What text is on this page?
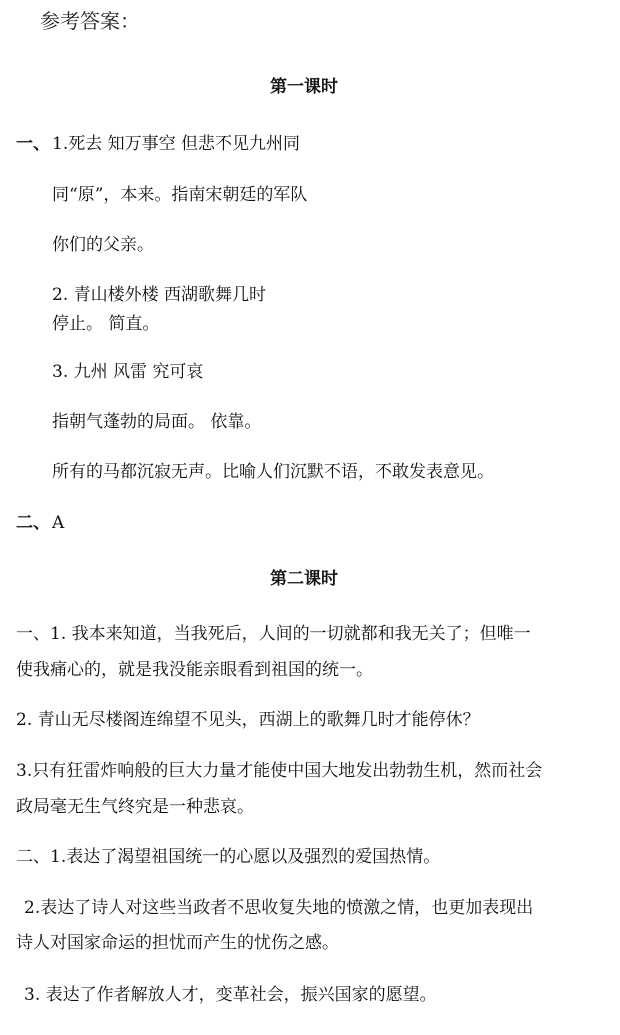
参考答案：
第一课时
一、 1.死去 知万事空 但悲不见九州同
同“原”，本来。指南宋朝廷的军队
你们的父亲。
2. 青山楼外楼 西湖歌舞几时
停止。 简直。
3. 九州 风雷 究可哀
指朝气蓬勃的局面。 依靠。
所有的马都沉寂无声。比喻人们沉默不语，不敢发表意见。
二、 A
第二课时
一、1. 我本来知道，当我死后，人间的一切就都和我无关了；但唯一
使我痛心的，就是我没能亲眼看到祖国的统一。
2. 青山无尽楼阁连绵望不见头，西湖上的歌舞几时才能停休？
3.只有狂雷炸响般的巨大力量才能使中国大地发出勃勃生机，然而社会
政局毫无生气终究是一种悲哀。
二、1.表达了渴望祖国统一的心愿以及强烈的爱国热情。
2.表达了诗人对这些当政者不思收复失地的愤激之情，也更加表现出
诗人对国家命运的担忧而产生的忧伤之感。
3. 表达了作者解放人才，变革社会，振兴国家的愿望。
